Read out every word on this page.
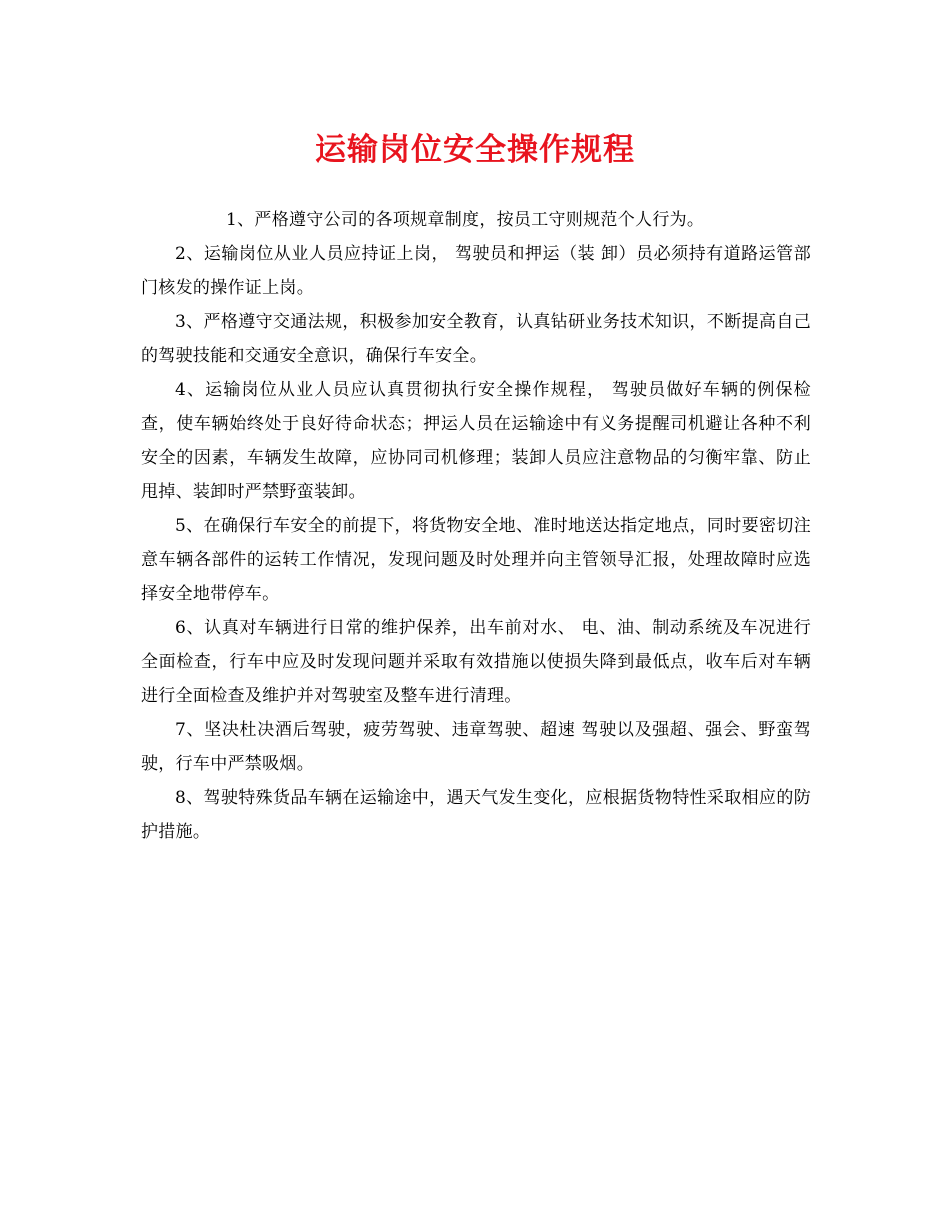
运输岗位安全操作规程

1、严格遵守公司的各项规章制度，按员工守则规范个人行为。

2、运输岗位从业人员应持证上岗， 驾驶员和押运（装 卸）员必须持有道路运管部门核发的操作证上岗。

3、严格遵守交通法规，积极参加安全教育，认真钻研业务技术知识，不断提高自己的驾驶技能和交通安全意识，确保行车安全。

4、运输岗位从业人员应认真贯彻执行安全操作规程， 驾驶员做好车辆的例保检查，使车辆始终处于良好待命状态；押运人员在运输途中有义务提醒司机避让各种不利安全的因素，车辆发生故障，应协同司机修理；装卸人员应注意物品的匀衡牢靠、防止甩掉、装卸时严禁野蛮装卸。

5、在确保行车安全的前提下，将货物安全地、准时地送达指定地点，同时要密切注意车辆各部件的运转工作情况，发现问题及时处理并向主管领导汇报，处理故障时应选择安全地带停车。

6、认真对车辆进行日常的维护保养，出车前对水、 电、油、制动系统及车况进行全面检查，行车中应及时发现问题并采取有效措施以使损失降到最低点，收车后对车辆进行全面检查及维护并对驾驶室及整车进行清理。

7、坚决杜决酒后驾驶，疲劳驾驶、违章驾驶、超速 驾驶以及强超、强会、野蛮驾驶，行车中严禁吸烟。

8、驾驶特殊货品车辆在运输途中，遇天气发生变化，应根据货物特性采取相应的防护措施。
